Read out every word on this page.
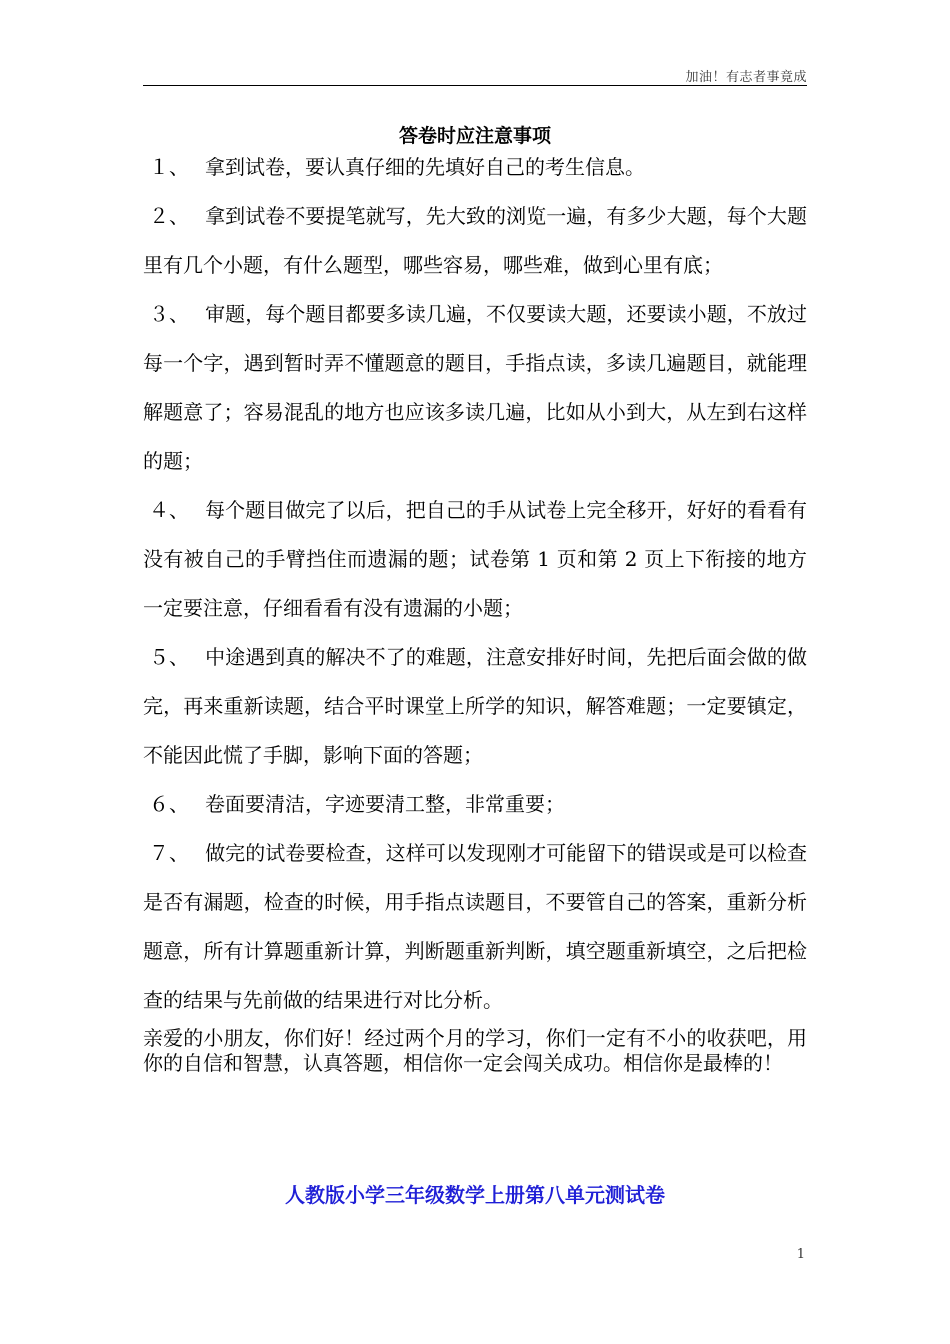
加油！有志者事竟成
答卷时应注意事项

１、 拿到试卷，要认真仔细的先填好自己的考生信息。

２、 拿到试卷不要提笔就写，先大致的浏览一遍，有多少大题，每个大题里有几个小题，有什么题型，哪些容易，哪些难，做到心里有底；

３、 审题，每个题目都要多读几遍，不仅要读大题，还要读小题，不放过每一个字，遇到暂时弄不懂题意的题目，手指点读，多读几遍题目，就能理解题意了；容易混乱的地方也应该多读几遍，比如从小到大，从左到右这样的题；

４、 每个题目做完了以后，把自己的手从试卷上完全移开，好好的看看有没有被自己的手臂挡住而遗漏的题；试卷第 1 页和第 2 页上下衔接的地方一定要注意，仔细看看有没有遗漏的小题；

５、 中途遇到真的解决不了的难题，注意安排好时间，先把后面会做的做完，再来重新读题，结合平时课堂上所学的知识，解答难题；一定要镇定，不能因此慌了手脚，影响下面的答题；

６、 卷面要清洁，字迹要清工整，非常重要；

７、 做完的试卷要检查，这样可以发现刚才可能留下的错误或是可以检查是否有漏题，检查的时候，用手指点读题目，不要管自己的答案，重新分析题意，所有计算题重新计算，判断题重新判断，填空题重新填空，之后把检查的结果与先前做的结果进行对比分析。

亲爱的小朋友，你们好！经过两个月的学习，你们一定有不小的收获吧，用你的自信和智慧，认真答题，相信你一定会闯关成功。相信你是最棒的！
人教版小学三年级数学上册第八单元测试卷
1
